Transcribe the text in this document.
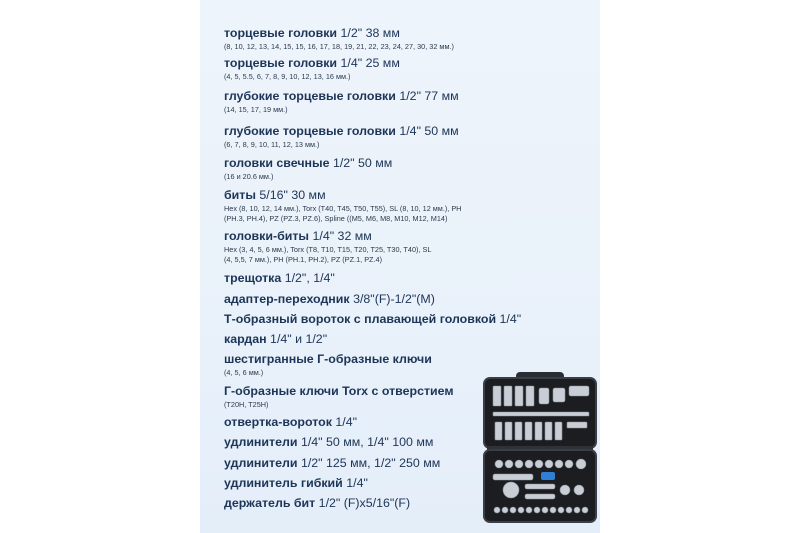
торцевые головки 1/2" 38 мм
(8, 10, 12, 13, 14, 15, 15, 16, 17, 18, 19, 21, 22, 23, 24, 27, 30, 32 мм.)
торцевые головки 1/4" 25 мм
(4, 5, 5.5, 6, 7, 8, 9, 10, 12, 13, 16 мм.)
глубокие торцевые головки 1/2" 77 мм
(14, 15, 17, 19 мм.)
глубокие торцевые головки 1/4" 50 мм
(6, 7, 8, 9, 10, 11, 12, 13 мм.)
головки свечные 1/2" 50 мм
(16 и 20.6 мм.)
биты 5/16" 30 мм
Hex (8, 10, 12, 14 мм.), Torx (T40, T45, T50, T55), SL (8, 10, 12 мм.), PH
(PH.3, PH.4), PZ (PZ.3, PZ.6), Spline ((M5, M6, M8, M10, M12, M14)
головки-биты 1/4" 32 мм
Hex (3, 4, 5, 6 мм.), Torx (T8, T10, T15, T20, T25, T30, T40), SL
(4, 5,5, 7 мм.), PH (PH.1, PH.2), PZ (PZ.1, PZ.4)
трещотка 1/2", 1/4"
адаптер-переходник 3/8"(F)-1/2"(M)
Т-образный вороток с плавающей головкой 1/4"
кардан 1/4" и 1/2"
шестигранные Г-образные ключи
(4, 5, 6 мм.)
Г-образные ключи Torx с отверстием
(T20H, T25H)
отвертка-вороток 1/4"
удлинители 1/4" 50 мм, 1/4" 100 мм
удлинители 1/2" 125 мм, 1/2" 250 мм
удлинитель гибкий 1/4"
держатель бит 1/2" (F)х5/16"(F)
